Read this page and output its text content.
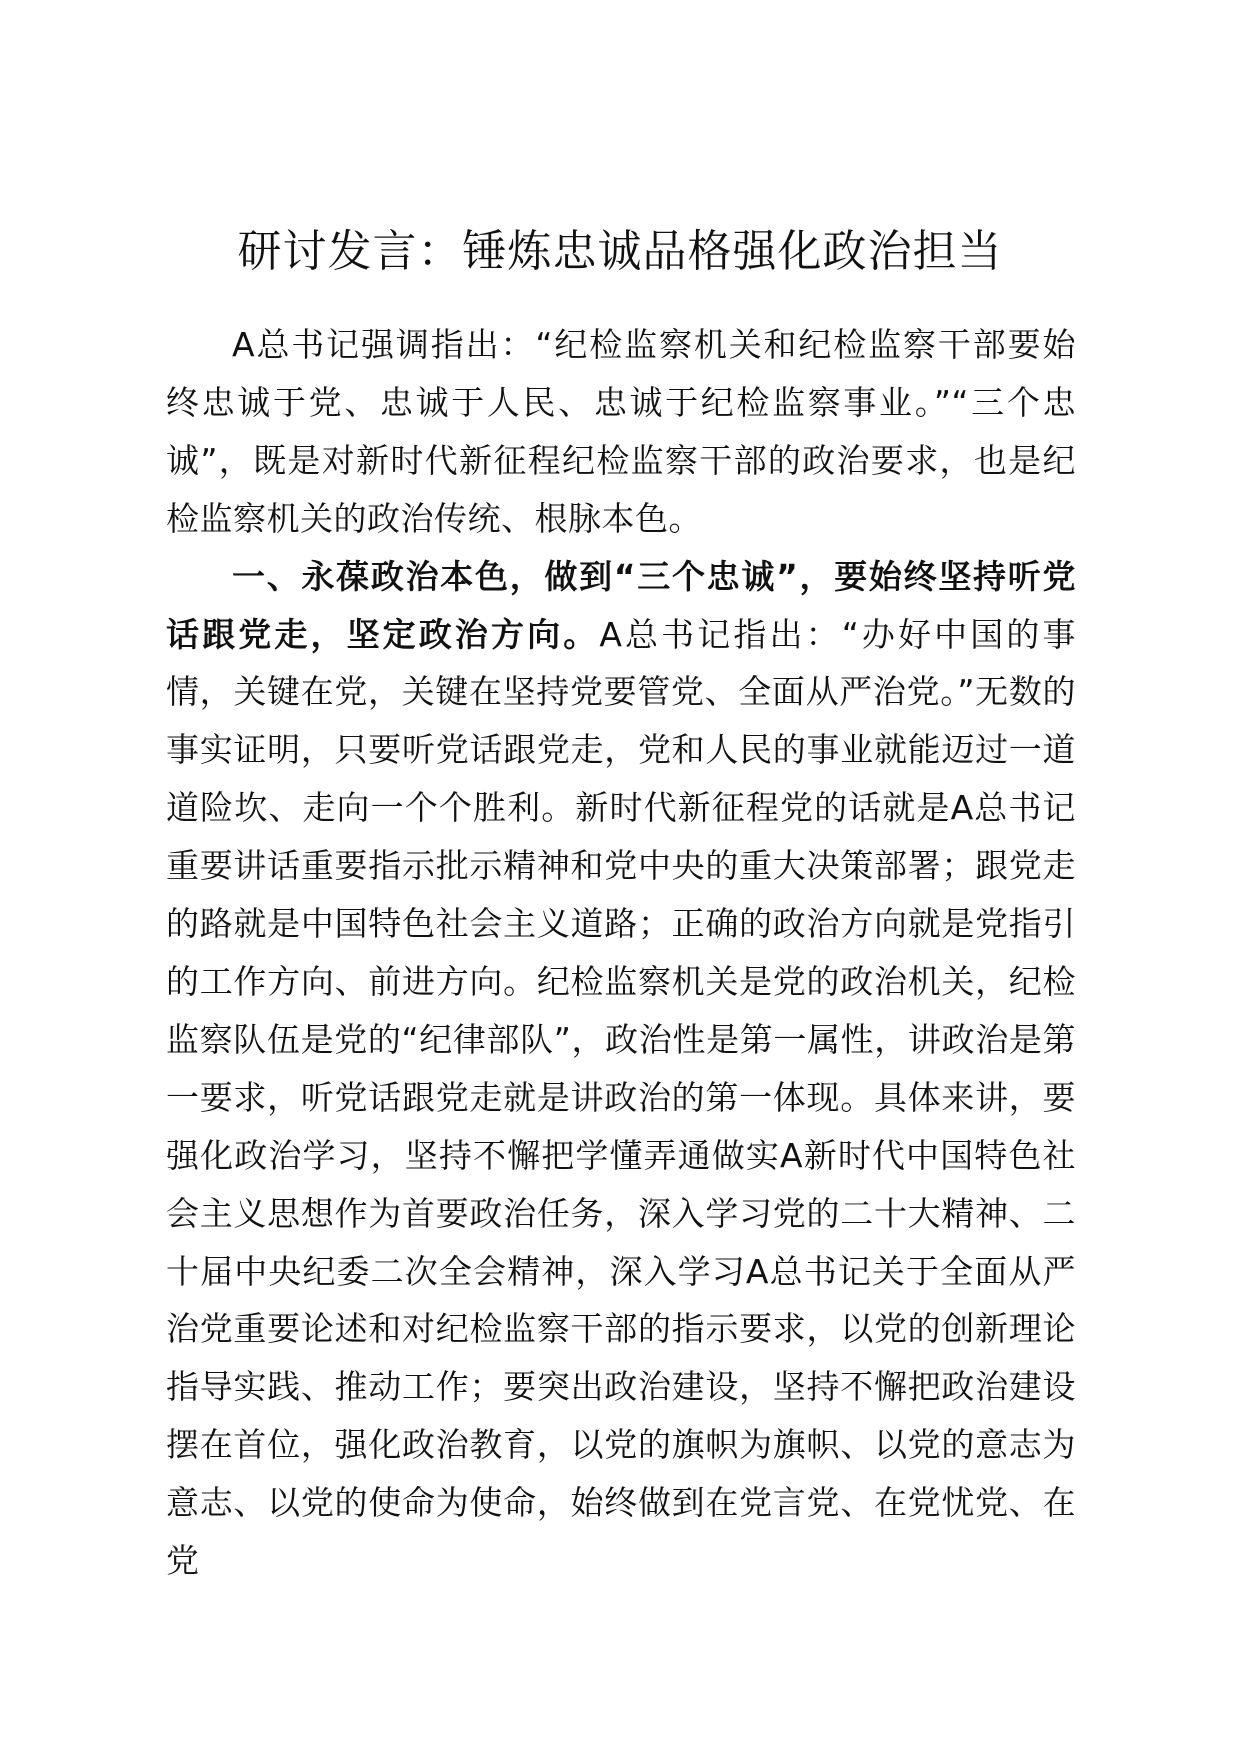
研讨发言：锤炼忠诚品格强化政治担当

A总书记强调指出：“纪检监察机关和纪检监察干部要始终忠诚于党、忠诚于人民、忠诚于纪检监察事业。”“三个忠诚”，既是对新时代新征程纪检监察干部的政治要求，也是纪检监察机关的政治传统、根脉本色。

一、永葆政治本色，做到“三个忠诚”，要始终坚持听党话跟党走，坚定政治方向。A总书记指出：“办好中国的事情，关键在党，关键在坚持党要管党、全面从严治党。”无数的事实证明，只要听党话跟党走，党和人民的事业就能迈过一道道险坎、走向一个个胜利。新时代新征程党的话就是A总书记重要讲话重要指示批示精神和党中央的重大决策部署；跟党走的路就是中国特色社会主义道路；正确的政治方向就是党指引的工作方向、前进方向。纪检监察机关是党的政治机关，纪检监察队伍是党的“纪律部队”，政治性是第一属性，讲政治是第一要求，听党话跟党走就是讲政治的第一体现。具体来讲，要强化政治学习，坚持不懈把学懂弄通做实A新时代中国特色社会主义思想作为首要政治任务，深入学习党的二十大精神、二十届中央纪委二次全会精神，深入学习A总书记关于全面从严治党重要论述和对纪检监察干部的指示要求，以党的创新理论指导实践、推动工作；要突出政治建设，坚持不懈把政治建设摆在首位，强化政治教育，以党的旗帜为旗帜、以党的意志为意志、以党的使命为使命，始终做到在党言党、在党忧党、在党
